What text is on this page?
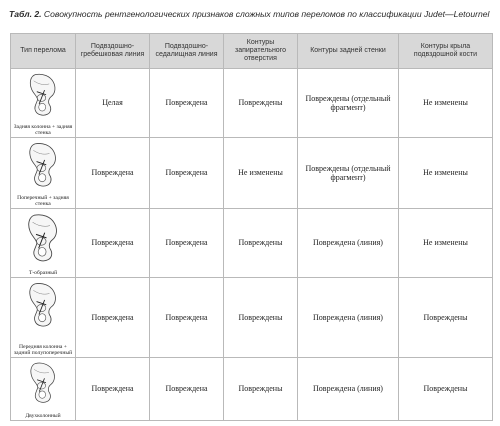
Табл. 2. Совокупность рентгенологических признаков сложных типов переломов по классификации Judet—Letournel
Тип перелома	Подвздошно-гребешковая линия	Подвздошно-седалищная линия	Контуры запирательного отверстия	Контуры задней стенки	Контуры крыла подвздошной кости

Задняя колонна + задняя стенка	Целая	Повреждена	Повреждены	Повреждены (отдельный фрагмент)	Не изменены

Поперечный + задняя стенка	Повреждена	Повреждена	Не изменены	Повреждены (отдельный фрагмент)	Не изменены

Т-образный	Повреждена	Повреждена	Повреждены	Повреждена (линия)	Не изменены

Передняя колонна + задний полупоперечный	Повреждена	Повреждена	Повреждены	Повреждена (линия)	Повреждены

Двухколонный	Повреждена	Повреждена	Повреждены	Повреждена (линия)	Повреждены
